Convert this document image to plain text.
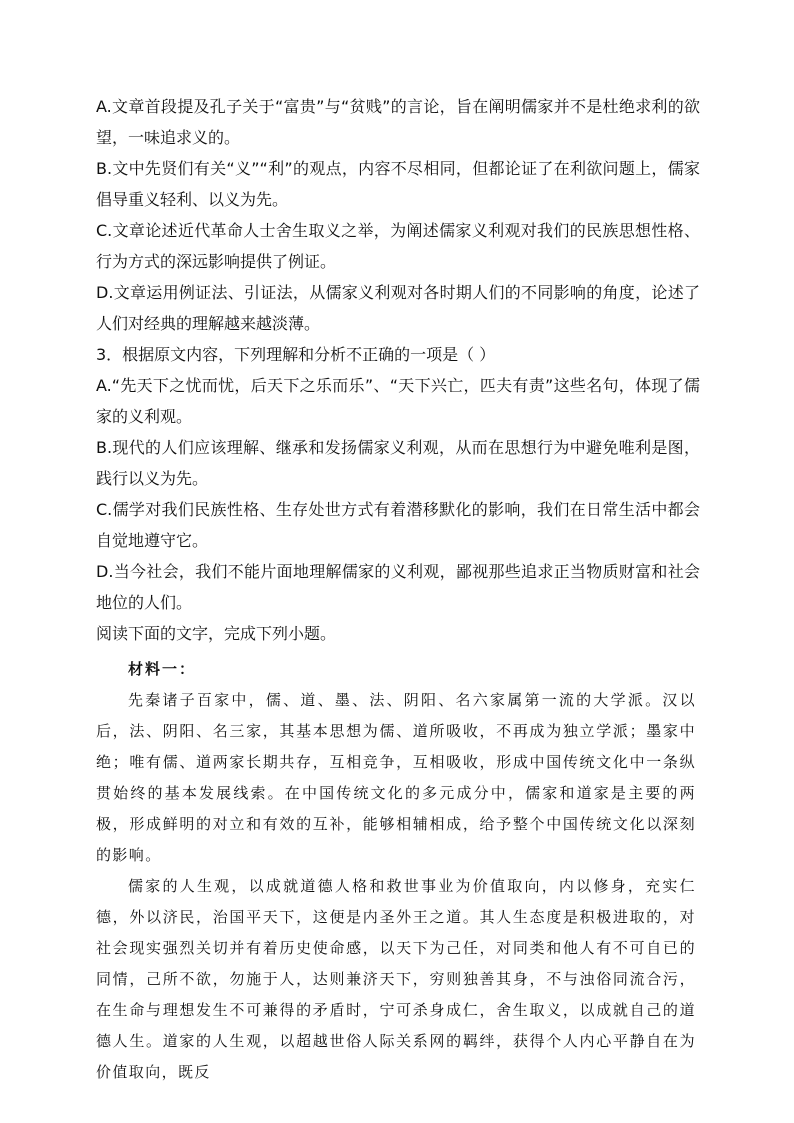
A.文章首段提及孔子关于“富贵”与“贫贱”的言论，旨在阐明儒家并不是杜绝求利的欲望，一味追求义的。

B.文中先贤们有关“义”“利”的观点，内容不尽相同，但都论证了在利欲问题上，儒家倡导重义轻利、以义为先。

C.文章论述近代革命人士舍生取义之举，为阐述儒家义利观对我们的民族思想性格、行为方式的深远影响提供了例证。

D.文章运用例证法、引证法，从儒家义利观对各时期人们的不同影响的角度，论述了人们对经典的理解越来越淡薄。

3．根据原文内容，下列理解和分析不正确的一项是（ ）

A.“先天下之忧而忧，后天下之乐而乐”、“天下兴亡，匹夫有责”这些名句，体现了儒家的义利观。

B.现代的人们应该理解、继承和发扬儒家义利观，从而在思想行为中避免唯利是图，践行以义为先。

C.儒学对我们民族性格、生存处世方式有着潜移默化的影响，我们在日常生活中都会自觉地遵守它。

D.当今社会，我们不能片面地理解儒家的义利观，鄙视那些追求正当物质财富和社会地位的人们。

阅读下面的文字，完成下列小题。

材料一：

先秦诸子百家中，儒、道、墨、法、阴阳、名六家属第一流的大学派。汉以后，法、阴阳、名三家，其基本思想为儒、道所吸收，不再成为独立学派；墨家中绝；唯有儒、道两家长期共存，互相竞争，互相吸收，形成中国传统文化中一条纵贯始终的基本发展线索。在中国传统文化的多元成分中，儒家和道家是主要的两极，形成鲜明的对立和有效的互补，能够相辅相成，给予整个中国传统文化以深刻的影响。

儒家的人生观，以成就道德人格和救世事业为价值取向，内以修身，充实仁德，外以济民，治国平天下，这便是内圣外王之道。其人生态度是积极进取的，对社会现实强烈关切并有着历史使命感，以天下为己任，对同类和他人有不可自已的同情，己所不欲，勿施于人，达则兼济天下，穷则独善其身，不与浊俗同流合污，在生命与理想发生不可兼得的矛盾时，宁可杀身成仁，舍生取义，以成就自己的道德人生。道家的人生观，以超越世俗人际关系网的羁绊，获得个人内心平静自在为价值取向，既反
